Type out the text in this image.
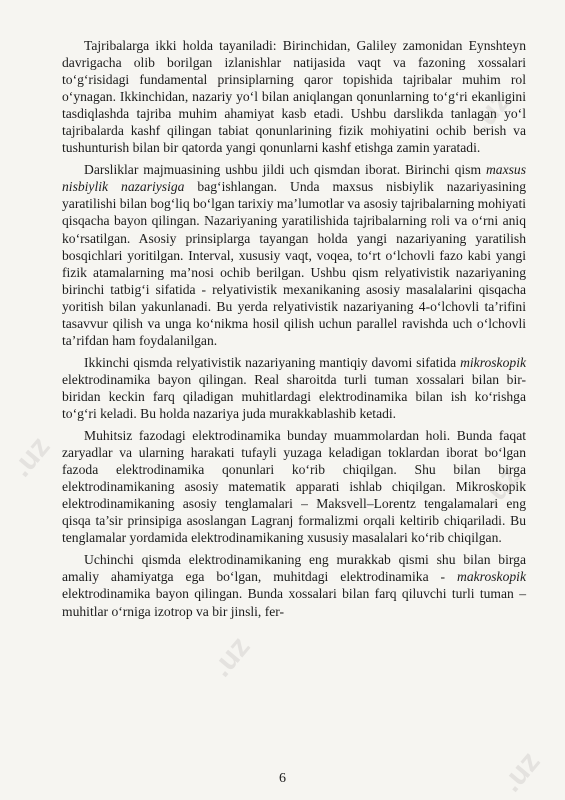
.uz
.uz
.uz
.uz
.uz

Tajribalarga ikki holda tayaniladi: Birinchidan, Galiley zamonidan Eynshteyn davrigacha olib borilgan izlanishlar natijasida vaqt va fazoning xossalari to‘g‘risidagi fundamental prinsiplarning qaror topishida tajribalar muhim rol o‘ynagan. Ikkinchidan, nazariy yo‘l bilan aniqlangan qonunlarning to‘g‘ri ekanligini tasdiqlashda tajriba muhim ahamiyat kasb etadi. Ushbu darslikda tanlagan yo‘l tajribalarda kashf qilingan tabiat qonunlarining fizik mohiyatini ochib berish va tushunturish bilan bir qatorda yangi qonunlarni kashf etishga zamin yaratadi.

Darsliklar majmuasining ushbu jildi uch qismdan iborat. Birinchi qism maxsus nisbiylik nazariysiga bag‘ishlangan. Unda maxsus nisbiylik nazariyasining yaratilishi bilan bog‘liq bo‘lgan tarixiy ma’lumotlar va asosiy tajribalarning mohiyati qisqacha bayon qilingan. Nazariyaning yaratilishida tajribalarning roli va o‘rni aniq ko‘rsatilgan. Asosiy prinsiplarga tayangan holda yangi nazariyaning yaratilish bosqichlari yoritilgan. Interval, xususiy vaqt, voqea, to‘rt o‘lchovli fazo kabi yangi fizik atamalarning ma’nosi ochib berilgan. Ushbu qism relyativistik nazariyaning birinchi tatbig‘i sifatida - relyativistik mexanikaning asosiy masalalarini qisqacha yoritish bilan yakunlanadi. Bu yerda relyativistik nazariyaning 4-o‘lchovli ta’rifini tasavvur qilish va unga ko‘nikma hosil qilish uchun parallel ravishda uch o‘lchovli ta’rifdan ham foydalanilgan.

Ikkinchi qismda relyativistik nazariyaning mantiqiy davomi sifatida mikroskopik elektrodinamika bayon qilingan. Real sharoitda turli tuman xossalari bilan bir-biridan keckin farq qiladigan muhitlardagi elektrodinamika bilan ish ko‘rishga to‘g‘ri keladi. Bu holda nazariya juda murakkablashib ketadi.

Muhitsiz fazodagi elektrodinamika bunday muammolardan holi. Bunda faqat zaryadlar va ularning harakati tufayli yuzaga keladigan toklardan iborat bo‘lgan fazoda elektrodinamika qonunlari ko‘rib chiqilgan. Shu bilan birga elektrodinamikaning asosiy matematik apparati ishlab chiqilgan. Mikroskopik elektrodinamikaning asosiy tenglamalari – Maksvell–Lorentz tengalamalari eng qisqa ta’sir prinsipiga asoslangan Lagranj formalizmi orqali keltirib chiqariladi. Bu tenglamalar yordamida elektrodinamikaning xususiy masalalari ko‘rib chiqilgan.

Uchinchi qismda elektrodinamikaning eng murakkab qismi shu bilan birga amaliy ahamiyatga ega bo‘lgan, muhitdagi elektrodinamika - makroskopik elektrodinamika bayon qilingan. Bunda xossalari bilan farq qiluvchi turli tuman – muhitlar o‘rniga izotrop va bir jinsli, fer-

6
